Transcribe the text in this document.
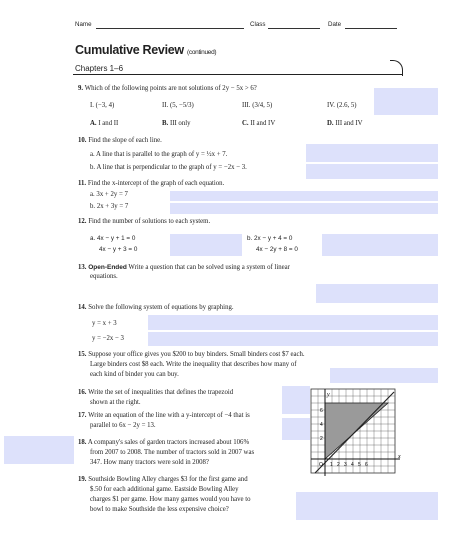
Name	Class	Date
Cumulative Review (continued)
Chapters 1–6
9. Which of the following points are not solutions of 2y − 5x > 6?
I. (−3, 4)	II. (5, −5/3)	III. (3/4, 5)	IV. (2.6, 5)
A. I and II	B. III only	C. II and IV	D. III and IV
10. Find the slope of each line.
a. A line that is parallel to the graph of y = ½x + 7.
b. A line that is perpendicular to the graph of y = −2x − 3.
11. Find the x-intercept of the graph of each equation.
a. 3x + 2y = 7
b. 2x + 3y = 7
12. Find the number of solutions to each system.
a. 4x − y + 1 = 0
4x − y + 3 = 0
b. 2x − y + 4 = 0
4x − 2y + 8 = 0
13. Open-Ended Write a question that can be solved using a system of linear
equations.
14. Solve the following system of equations by graphing.
y = x + 3
y = −2x − 3
15. Suppose your office gives you $200 to buy binders. Small binders cost $7 each.
Large binders cost $8 each. Write the inequality that describes how many of
each kind of binder you can buy.
16. Write the set of inequalities that defines the trapezoid
shown at the right.
17. Write an equation of the line with a y-intercept of −4 that is
parallel to 6x − 2y = 13.
18. A company's sales of garden tractors increased about 106%
from 2007 to 2008. The number of tractors sold in 2007 was
347. How many tractors were sold in 2008?
19. Southside Bowling Alley charges $3 for the first game and
$.50 for each additional game. Eastside Bowling Alley
charges $1 per game. How many games would you have to
bowl to make Southside the less expensive choice?
y
x
6
4
2
O 1 2 3 4 5 6
